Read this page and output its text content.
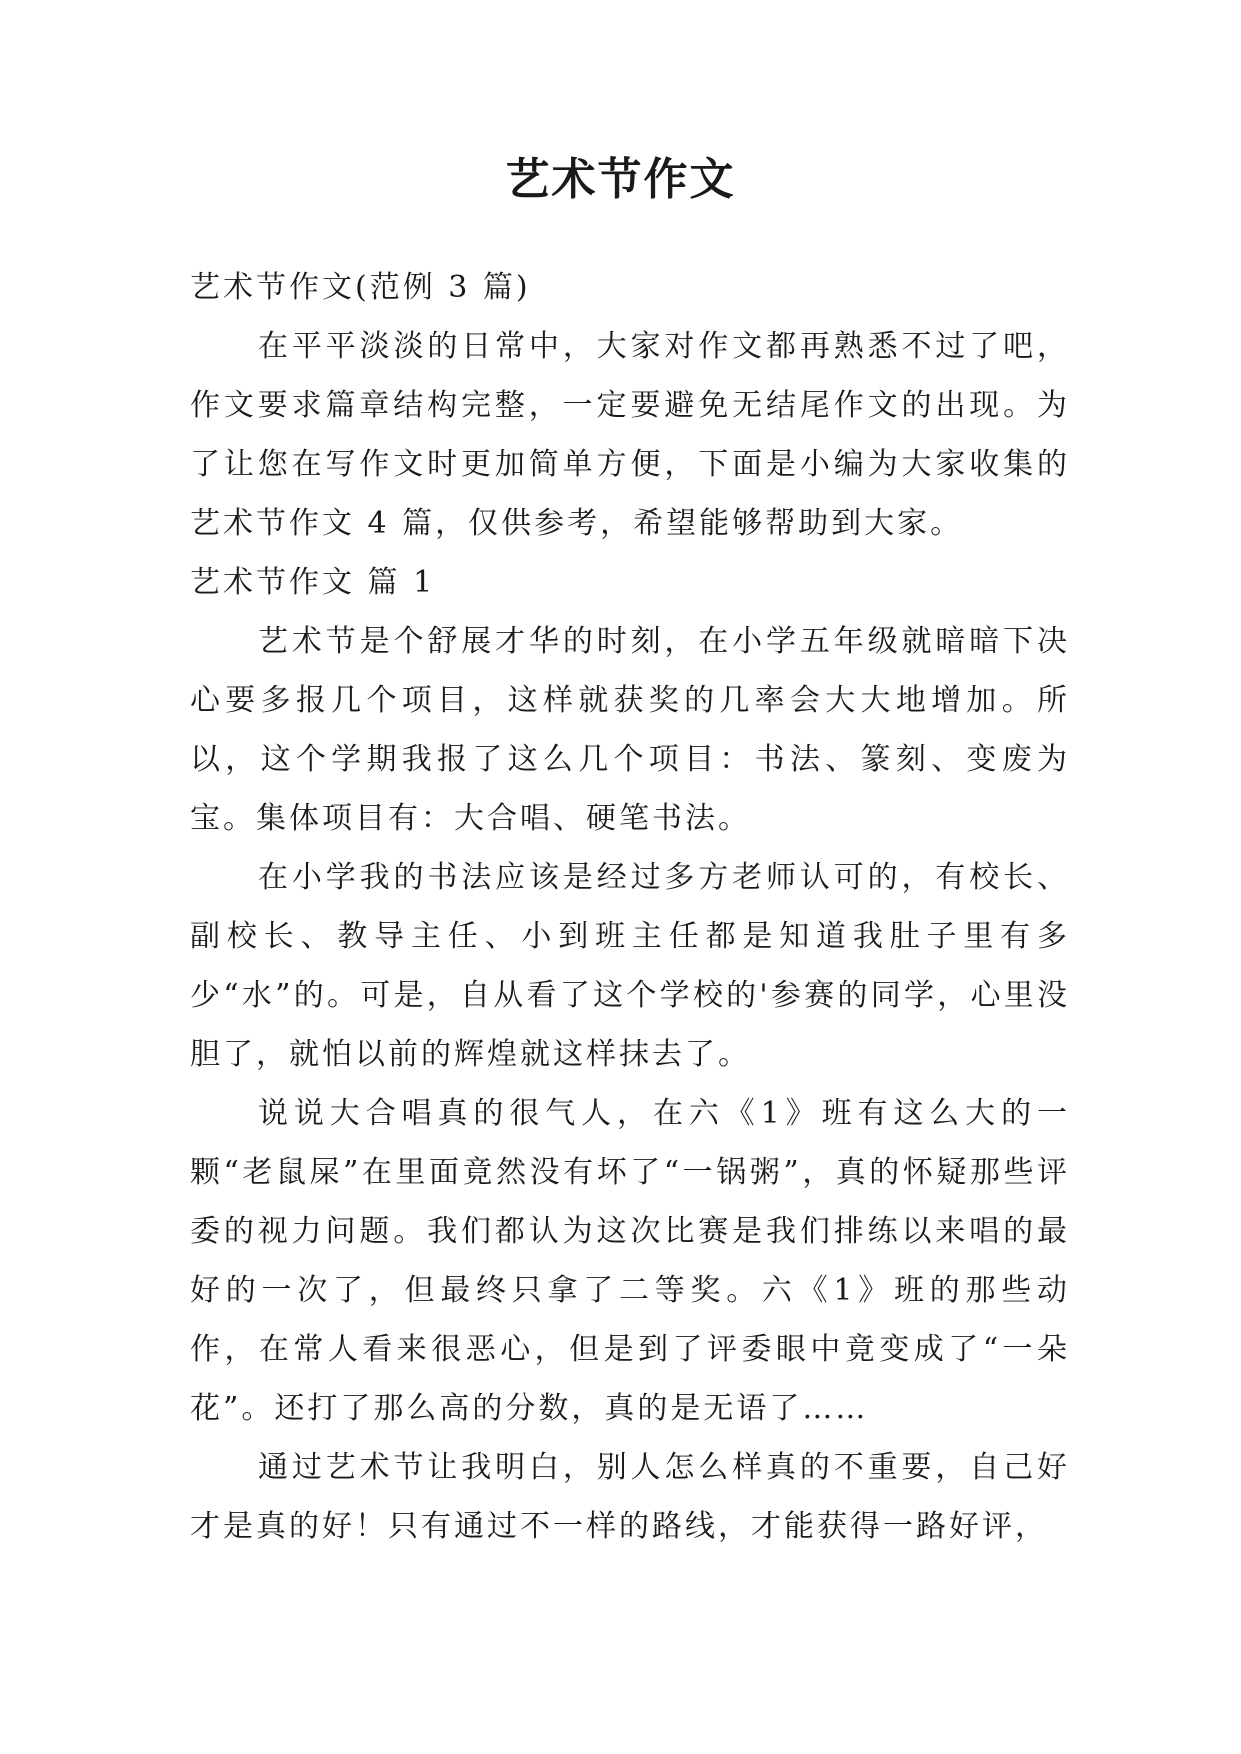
艺术节作文

艺术节作文(范例 3 篇)

在平平淡淡的日常中，大家对作文都再熟悉不过了吧，作文要求篇章结构完整，一定要避免无结尾作文的出现。为了让您在写作文时更加简单方便，下面是小编为大家收集的艺术节作文 4 篇，仅供参考，希望能够帮助到大家。

艺术节作文 篇 1

艺术节是个舒展才华的时刻，在小学五年级就暗暗下决心要多报几个项目，这样就获奖的几率会大大地增加。所以，这个学期我报了这么几个项目：书法、篆刻、变废为宝。集体项目有：大合唱、硬笔书法。

在小学我的书法应该是经过多方老师认可的，有校长、副校长、教导主任、小到班主任都是知道我肚子里有多少“水”的。可是，自从看了这个学校的'参赛的同学，心里没胆了，就怕以前的辉煌就这样抹去了。

说说大合唱真的很气人，在六《1》班有这么大的一颗“老鼠屎”在里面竟然没有坏了“一锅粥”，真的怀疑那些评委的视力问题。我们都认为这次比赛是我们排练以来唱的最好的一次了，但最终只拿了二等奖。六《1》班的那些动作，在常人看来很恶心，但是到了评委眼中竟变成了“一朵花”。还打了那么高的分数，真的是无语了……

通过艺术节让我明白，别人怎么样真的不重要，自己好才是真的好！只有通过不一样的路线，才能获得一路好评，
